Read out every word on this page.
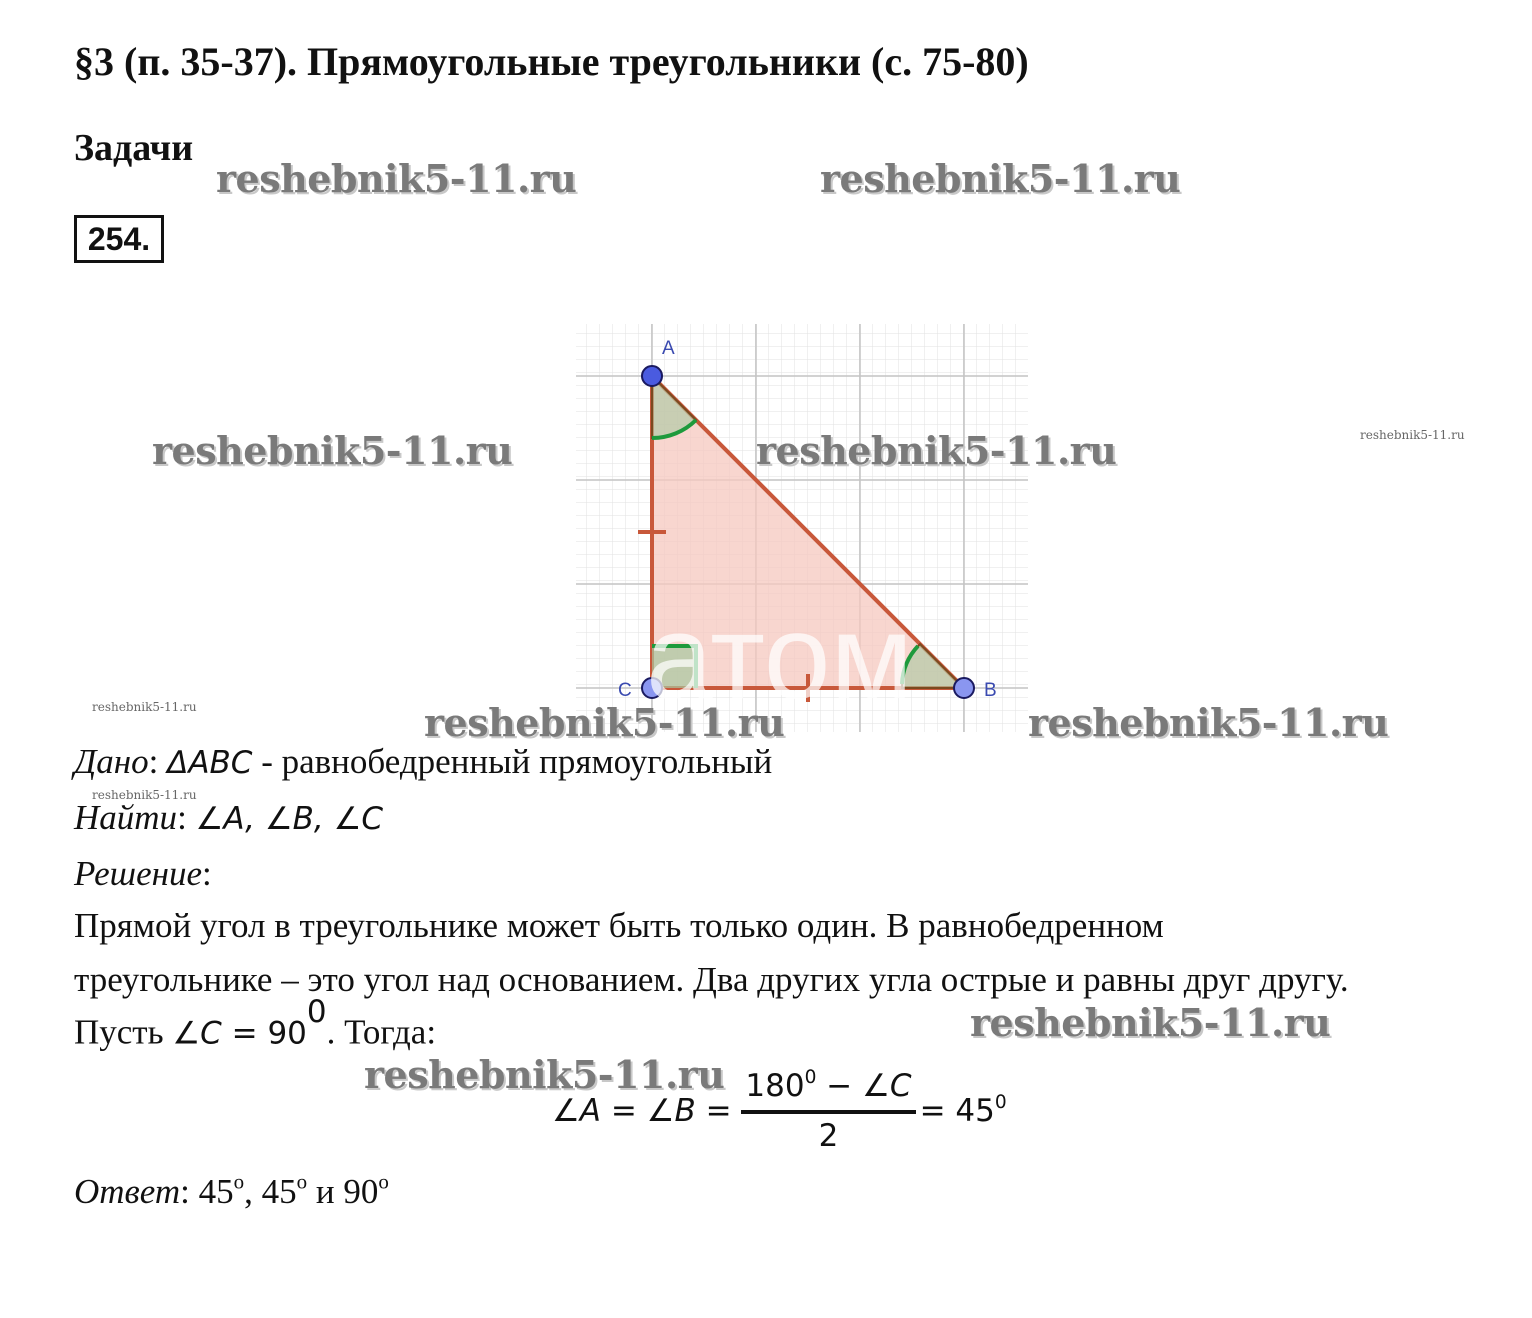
§3 (п. 35-37). Прямоугольные треугольники (с. 75-80)
Задачи
254.
A
C	B
атом
reshebnik5-11.ru	reshebnik5-11.ru
reshebnik5-11.ru	reshebnik5-11.ru	reshebnik5-11.ru
reshebnik5-11.ru	reshebnik5-11.ru	reshebnik5-11.ru
reshebnik5-11.ru
reshebnik5-11.ru
reshebnik5-11.ru
Дано: ΔABC - равнобедренный прямоугольный
Найти: ∠A, ∠B, ∠C
Решение:
Прямой угол в треугольнике может быть только один. В равнобедренном
треугольнике – это угол над основанием. Два других угла острые и равны друг другу.
Пусть ∠C = $90^0$. Тогда:
∠A = ∠B = $\frac{180^0 - \angle C}{2} = 45^0$
Ответ: 45$^o$, 45$^o$ и 90$^o$
